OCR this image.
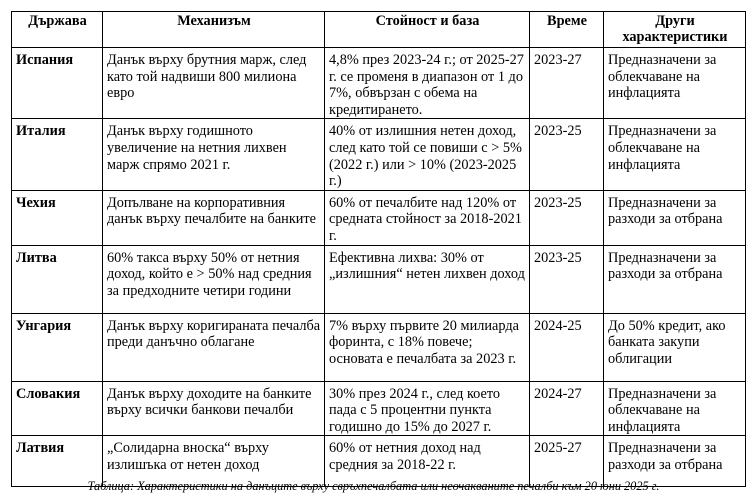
Държава	Механизъм	Стойност и база	Време	Други характеристики

Испания	Данък върху брутния марж, след като той надвиши 800 милиона евро	4,8% през 2023-24 г.; от 2025-27 г. се променя в диапазон от 1 до 7%, обвързан с обема на кредитирането.	2023-27	Предназначени за облекчаване на инфлацията
Италия	Данък върху годишното увеличение на нетния лихвен марж спрямо 2021 г.	40% от излишния нетен доход, след като той се повиши с > 5% (2022 г.) или > 10% (2023-2025 г.)	2023-25	Предназначени за облекчаване на инфлацията
Чехия	Допълване на корпоративния данък върху печалбите на банките	60% от печалбите над 120% от средната стойност за 2018-2021 г.	2023-25	Предназначени за разходи за отбрана
Литва	60% такса върху 50% от нетния доход, който е > 50% над средния за предходните четири години	Ефективна лихва: 30% от „излишния“ нетен лихвен доход	2023-25	Предназначени за разходи за отбрана
Унгария	Данък върху коригираната печалба преди данъчно облагане	7% върху първите 20 милиарда форинта, с 18% повече; основата е печалбата за 2023 г.	2024-25	До 50% кредит, ако банката закупи облигации
Словакия	Данък върху доходите на банките върху всички банкови печалби	30% през 2024 г., след което пада с 5 процентни пункта годишно до 15% до 2027 г.	2024-27	Предназначени за облекчаване на инфлацията
Латвия	„Солидарна вноска“ върху излишъка от нетен доход	60% от нетния доход над средния за 2018-22 г.	2025-27	Предназначени за разходи за отбрана
Таблица: Характеристики на данъците върху свръхпечалбата или неочакваните печалби към 20 юни 2025 г.
